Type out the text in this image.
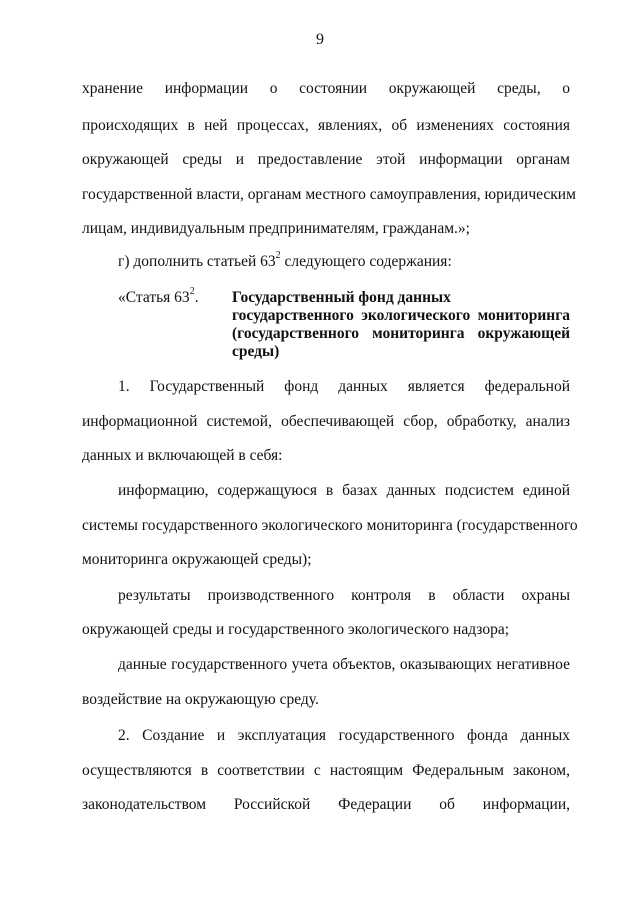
9
хранение информации о состоянии окружающей среды, о
происходящих в ней процессах, явлениях, об изменениях состояния
окружающей среды и предоставление этой информации органам
государственной власти, органам местного самоуправления, юридическим
лицам, индивидуальным предпринимателям, гражданам.»;
г) дополнить статьей $63^2$ следующего содержания:
«Статья $63^2$. Государственный фонд данных
государственного экологического мониторинга
(государственного мониторинга окружающей
среды)
1. Государственный фонд данных является федеральной
информационной системой, обеспечивающей сбор, обработку, анализ
данных и включающей в себя:
информацию, содержащуюся в базах данных подсистем единой
системы государственного экологического мониторинга (государственного
мониторинга окружающей среды);
результаты производственного контроля в области охраны
окружающей среды и государственного экологического надзора;
данные государственного учета объектов, оказывающих негативное
воздействие на окружающую среду.
2. Создание и эксплуатация государственного фонда данных
осуществляются в соответствии с настоящим Федеральным законом,
законодательством Российской Федерации об информации,
